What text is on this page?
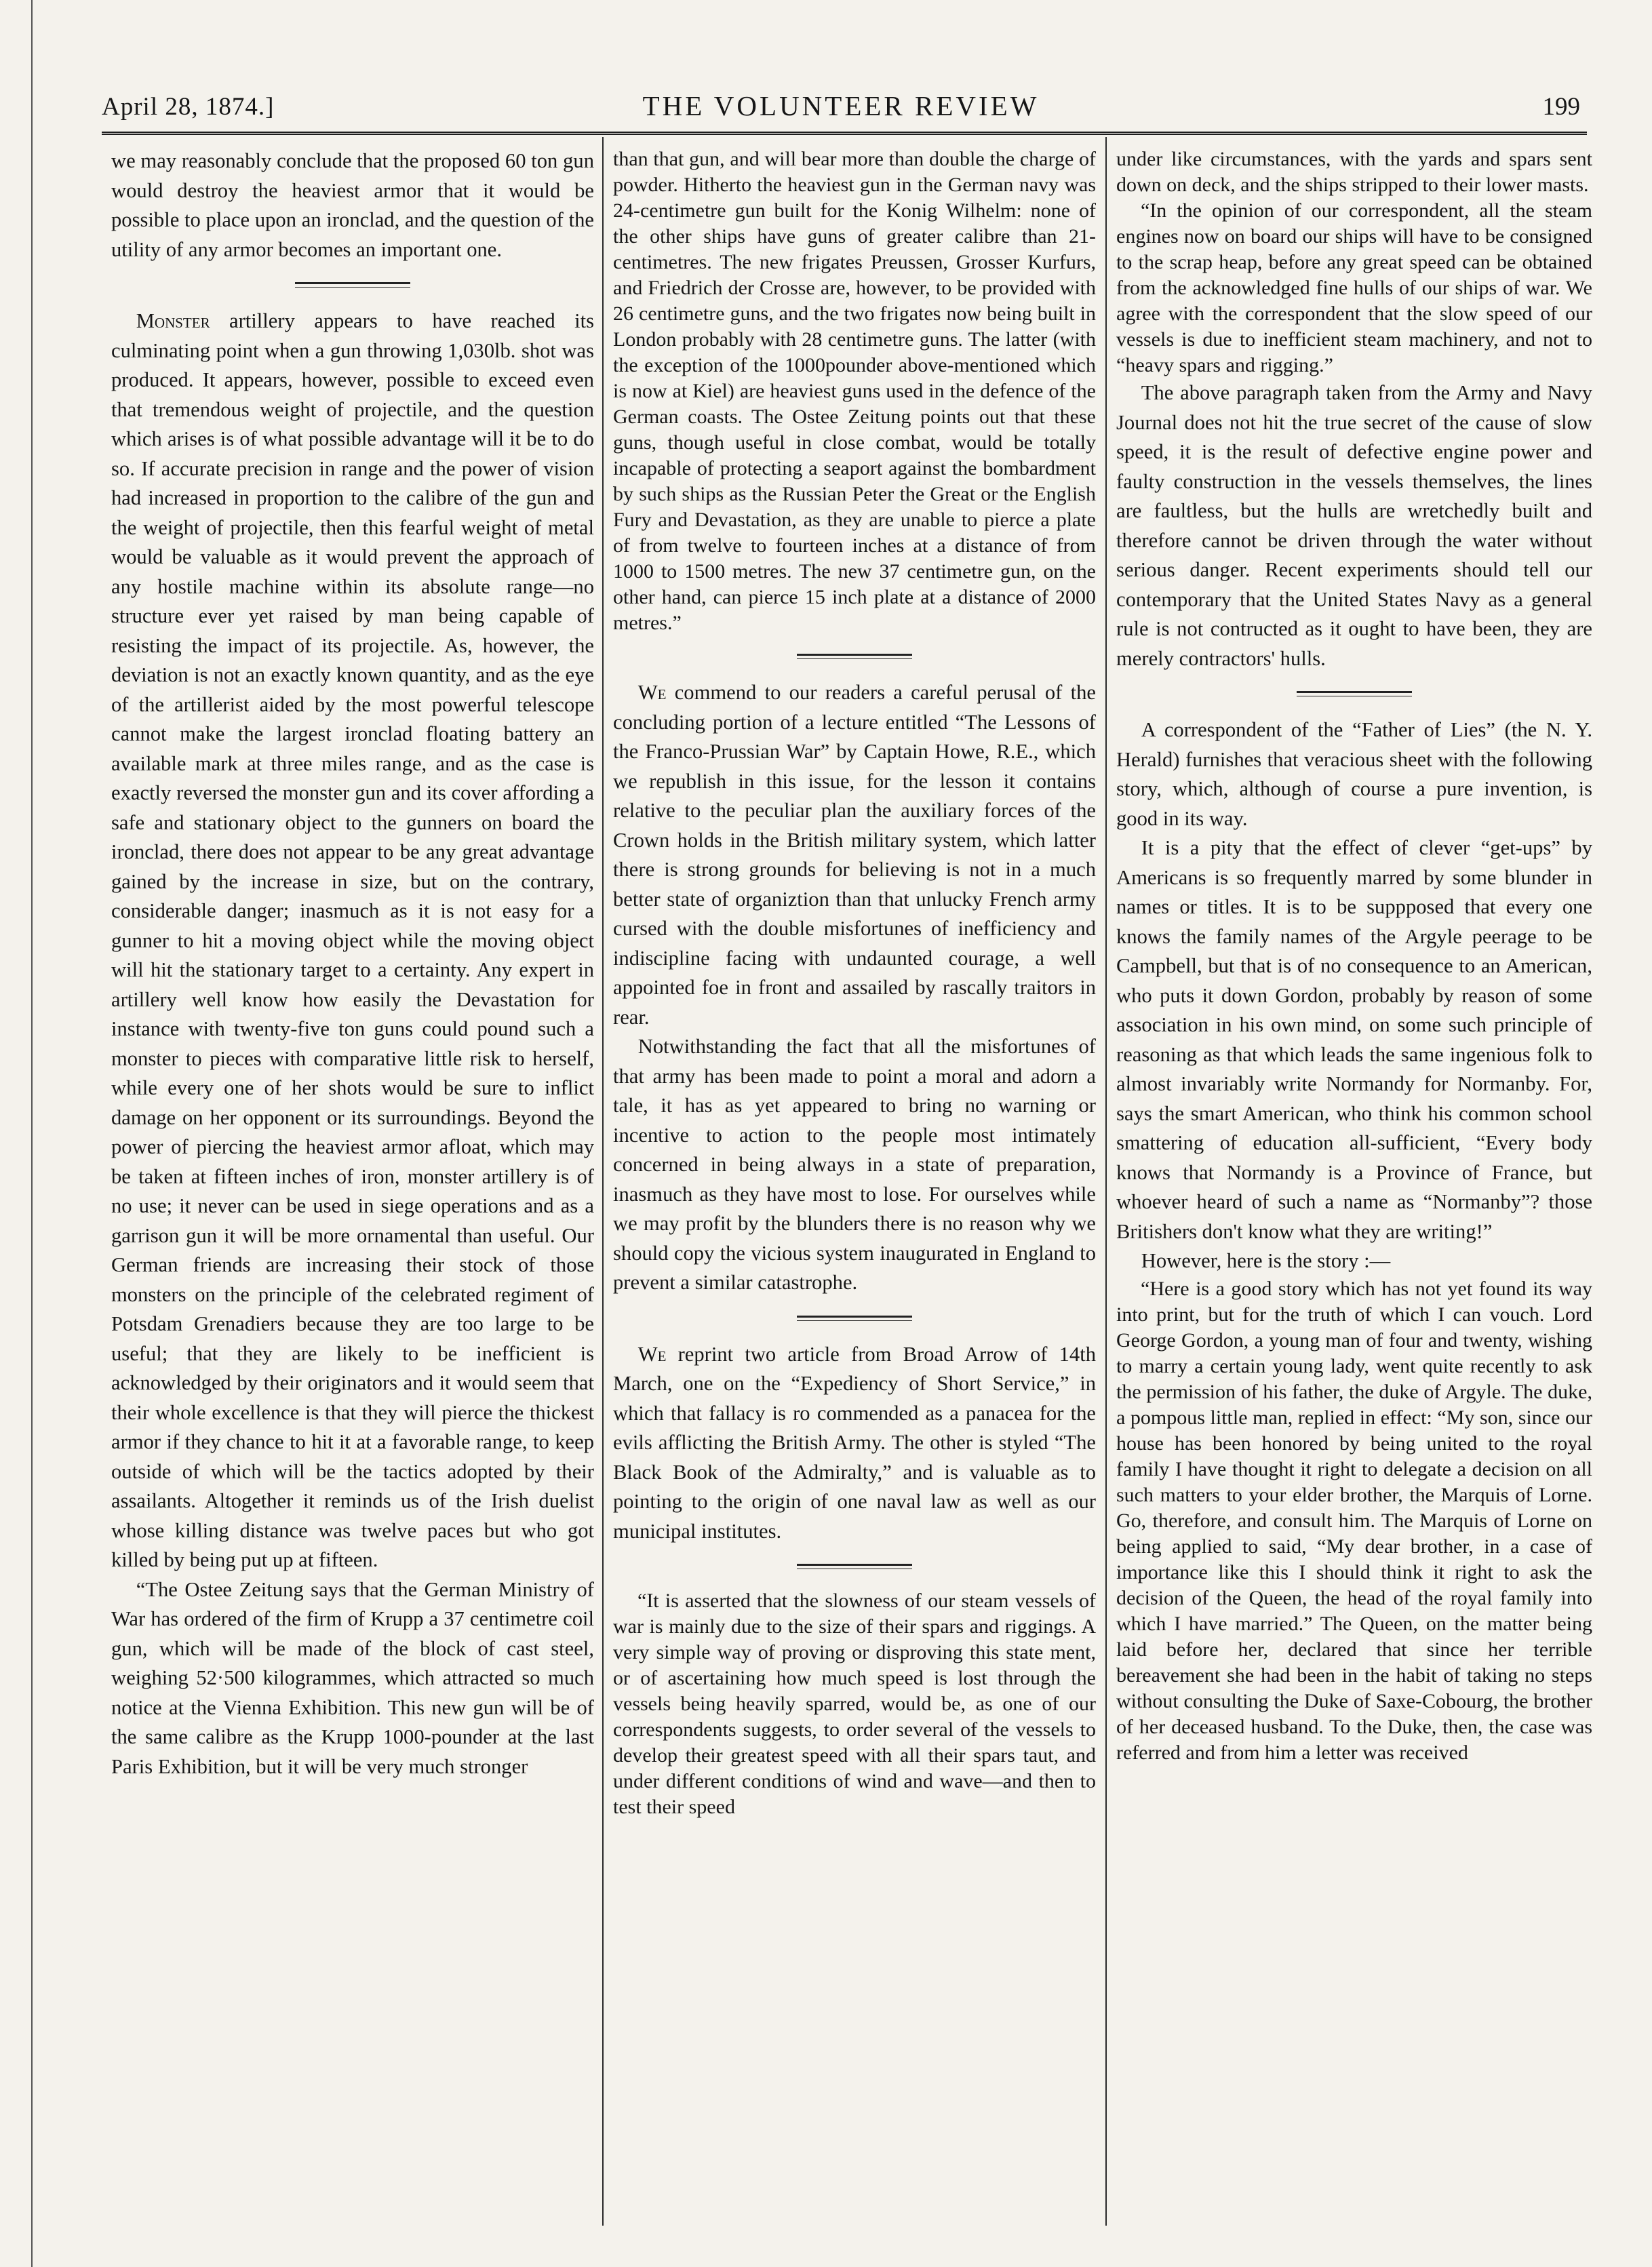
April 28, 1874.]	THE VOLUNTEER REVIEW	199

we may reasonably conclude that the proposed 60 ton gun would destroy the heaviest armor that it would be possible to place upon an ironclad, and the question of the utility of any armor becomes an important one.

Monster artillery appears to have reached its culminating point when a gun throwing 1,030lb. shot was produced. It appears, however, possible to exceed even that tremendous weight of projectile, and the question which arises is of what possible advantage will it be to do so. If accurate precision in range and the power of vision had increased in proportion to the calibre of the gun and the weight of projectile, then this fearful weight of metal would be valuable as it would prevent the approach of any hostile machine within its absolute range—no structure ever yet raised by man being capable of resisting the impact of its projectile. As, however, the deviation is not an exactly known quantity, and as the eye of the artillerist aided by the most powerful telescope cannot make the largest ironclad floating battery an available mark at three miles range, and as the case is exactly reversed the monster gun and its cover affording a safe and stationary object to the gunners on board the ironclad, there does not appear to be any great advantage gained by the increase in size, but on the contrary, considerable danger; inasmuch as it is not easy for a gunner to hit a moving object while the moving object will hit the stationary target to a certainty. Any expert in artillery well know how easily the Devastation for instance with twenty-five ton guns could pound such a monster to pieces with comparative little risk to herself, while every one of her shots would be sure to inflict damage on her opponent or its surroundings. Beyond the power of piercing the heaviest armor afloat, which may be taken at fifteen inches of iron, monster artillery is of no use; it never can be used in siege operations and as a garrison gun it will be more ornamental than useful. Our German friends are increasing their stock of those monsters on the principle of the celebrated regiment of Potsdam Grenadiers because they are too large to be useful; that they are likely to be inefficient is acknowledged by their originators and it would seem that their whole excellence is that they will pierce the thickest armor if they chance to hit it at a favorable range, to keep outside of which will be the tactics adopted by their assailants. Altogether it reminds us of the Irish duelist whose killing distance was twelve paces but who got killed by being put up at fifteen.

“The Ostee Zeitung says that the German Ministry of War has ordered of the firm of Krupp a 37 centimetre coil gun, which will be made of the block of cast steel, weighing 52·500 kilogrammes, which attracted so much notice at the Vienna Exhibition. This new gun will be of the same calibre as the Krupp 1000-pounder at the last Paris Exhibition, but it will be very much stronger

than that gun, and will bear more than double the charge of powder. Hitherto the heaviest gun in the German navy was 24-centimetre gun built for the Konig Wilhelm: none of the other ships have guns of greater calibre than 21-centimetres. The new frigates Preussen, Grosser Kurfurs, and Friedrich der Crosse are, however, to be provided with 26 centimetre guns, and the two frigates now being built in London probably with 28 centimetre guns. The latter (with the exception of the 1000pounder above-mentioned which is now at Kiel) are heaviest guns used in the defence of the German coasts. The Ostee Zeitung points out that these guns, though useful in close combat, would be totally incapable of protecting a seaport against the bombardment by such ships as the Russian Peter the Great or the English Fury and Devastation, as they are unable to pierce a plate of from twelve to fourteen inches at a distance of from 1000 to 1500 metres. The new 37 centimetre gun, on the other hand, can pierce 15 inch plate at a distance of 2000 metres.”

We commend to our readers a careful perusal of the concluding portion of a lecture entitled “The Lessons of the Franco-Prussian War” by Captain Howe, R.E., which we republish in this issue, for the lesson it contains relative to the peculiar plan the auxiliary forces of the Crown holds in the British military system, which latter there is strong grounds for believing is not in a much better state of organiztion than that unlucky French army cursed with the double misfortunes of inefficiency and indiscipline facing with undaunted courage, a well appointed foe in front and assailed by rascally traitors in rear.

Notwithstanding the fact that all the misfortunes of that army has been made to point a moral and adorn a tale, it has as yet appeared to bring no warning or incentive to action to the people most intimately concerned in being always in a state of preparation, inasmuch as they have most to lose. For ourselves while we may profit by the blunders there is no reason why we should copy the vicious system inaugurated in England to prevent a similar catastrophe.

We reprint two article from Broad Arrow of 14th March, one on the “Expediency of Short Service,” in which that fallacy is ro commended as a panacea for the evils afflicting the British Army. The other is styled “The Black Book of the Admiralty,” and is valuable as to pointing to the origin of one naval law as well as our municipal institutes.

“It is asserted that the slowness of our steam vessels of war is mainly due to the size of their spars and riggings. A very simple way of proving or disproving this state ment, or of ascertaining how much speed is lost through the vessels being heavily sparred, would be, as one of our correspondents suggests, to order several of the vessels to develop their greatest speed with all their spars taut, and under different conditions of wind and wave—and then to test their speed

under like circumstances, with the yards and spars sent down on deck, and the ships stripped to their lower masts.

“In the opinion of our correspondent, all the steam engines now on board our ships will have to be consigned to the scrap heap, before any great speed can be obtained from the acknowledged fine hulls of our ships of war. We agree with the correspondent that the slow speed of our vessels is due to inefficient steam machinery, and not to “heavy spars and rigging.”

The above paragraph taken from the Army and Navy Journal does not hit the true secret of the cause of slow speed, it is the result of defective engine power and faulty construction in the vessels themselves, the lines are faultless, but the hulls are wretchedly built and therefore cannot be driven through the water without serious danger. Recent experiments should tell our contemporary that the United States Navy as a general rule is not contructed as it ought to have been, they are merely contractors' hulls.

A correspondent of the “Father of Lies” (the N. Y. Herald) furnishes that veracious sheet with the following story, which, although of course a pure invention, is good in its way.

It is a pity that the effect of clever “get-ups” by Americans is so frequently marred by some blunder in names or titles. It is to be suppposed that every one knows the family names of the Argyle peerage to be Campbell, but that is of no consequence to an American, who puts it down Gordon, probably by reason of some association in his own mind, on some such principle of reasoning as that which leads the same ingenious folk to almost invariably write Normandy for Normanby. For, says the smart American, who think his common school smattering of education all-sufficient, “Every body knows that Normandy is a Province of France, but whoever heard of such a name as “Normanby”? those Britishers don't know what they are writing!”

However, here is the story :—

“Here is a good story which has not yet found its way into print, but for the truth of which I can vouch. Lord George Gordon, a young man of four and twenty, wishing to marry a certain young lady, went quite recently to ask the permission of his father, the duke of Argyle. The duke, a pompous little man, replied in effect: “My son, since our house has been honored by being united to the royal family I have thought it right to delegate a decision on all such matters to your elder brother, the Marquis of Lorne. Go, therefore, and consult him. The Marquis of Lorne on being applied to said, “My dear brother, in a case of importance like this I should think it right to ask the decision of the Queen, the head of the royal family into which I have married.” The Queen, on the matter being laid before her, declared that since her terrible bereavement she had been in the habit of taking no steps without consulting the Duke of Saxe-Cobourg, the brother of her deceased husband. To the Duke, then, the case was referred and from him a letter was received
